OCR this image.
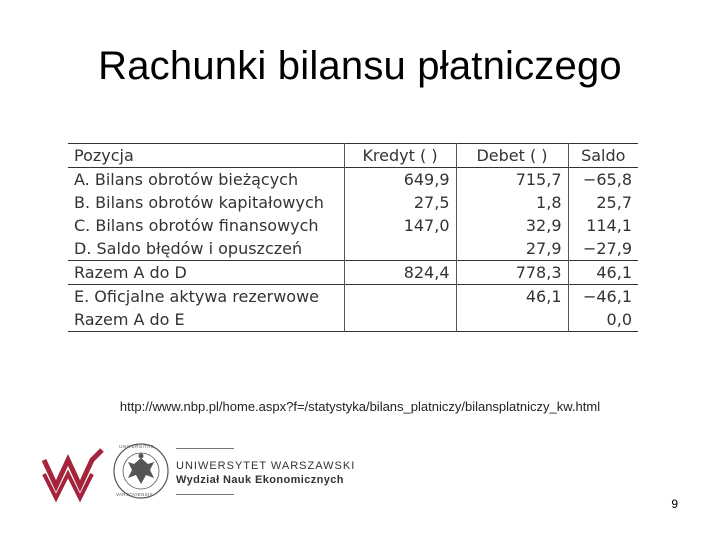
Rachunki bilansu płatniczego
Pozycja	Kredyt ( )	Debet ( )	Saldo
A. Bilans obrotów bieżących	649,9	715,7	−65,8
B. Bilans obrotów kapitałowych	27,5	1,8	25,7
C. Bilans obrotów finansowych	147,0	32,9	114,1
D. Saldo błędów i opuszczeń		27,9	−27,9
Razem A do D	824,4	778,3	46,1
E. Oficjalne aktywa rezerwowe		46,1	−46,1
Razem A do E			0,0
http://www.nbp.pl/home.aspx?f=/statystyka/bilans_platniczy/bilansplatniczy_kw.html
UNIVERSITAS
VARSOVIENSIS
UNIWERSYTET WARSZAWSKI
Wydział Nauk Ekonomicznych
9
